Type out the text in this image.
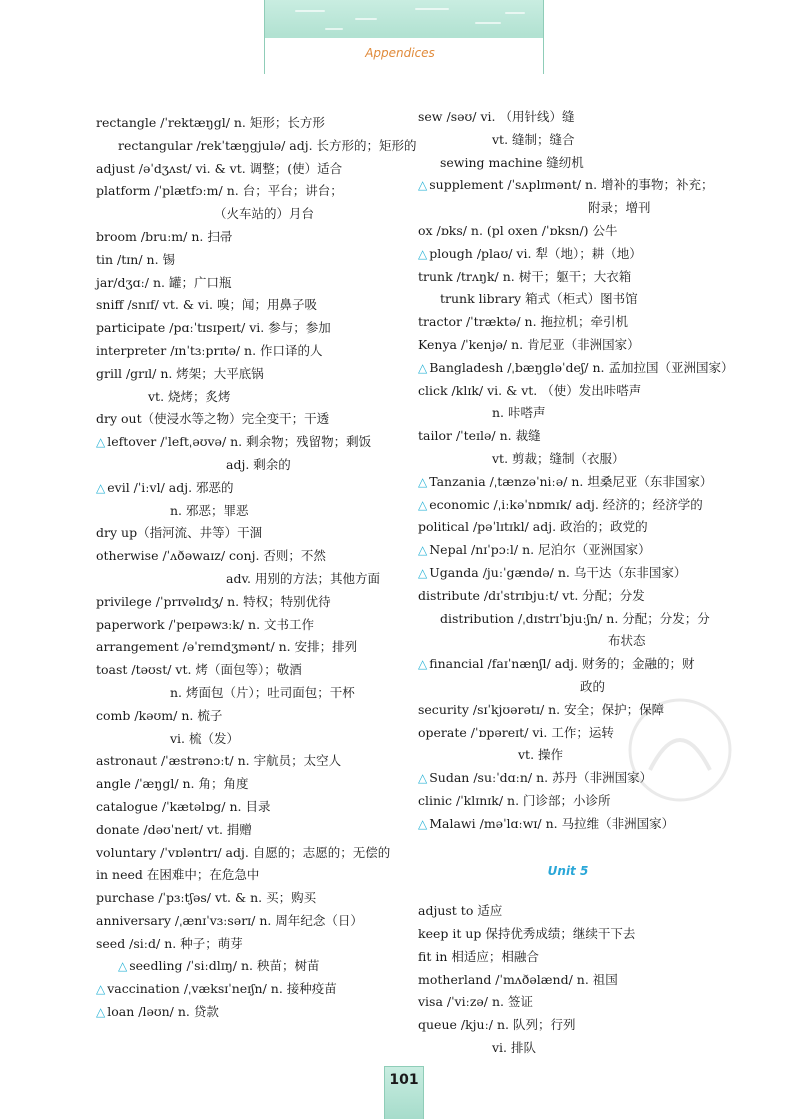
Appendices
rectangle /ˈrektæŋgl/ n. 矩形；长方形
rectangular /rekˈtæŋgjulə/ adj. 长方形的；矩形的
adjust /əˈdʒʌst/ vi. & vt. 调整；(使）适合
platform /ˈplætfɔːm/ n. 台；平台；讲台；
（火车站的）月台
broom /bruːm/ n. 扫帚
tin /tɪn/ n. 锡
jar/dʒɑː/ n. 罐；广口瓶
sniff /snɪf/ vt. & vi. 嗅；闻；用鼻子吸
participate /pɑːˈtɪsɪpeɪt/ vi. 参与；参加
interpreter /ɪnˈtɜːprɪtə/ n. 作口译的人
grill /grɪl/ n. 烤架；大平底锅
vt. 烧烤；炙烤
dry out（使浸水等之物）完全变干；干透
△ leftover /ˈleftˌəʊvə/ n. 剩余物；残留物；剩饭
adj. 剩余的
△ evil /ˈiːvl/ adj. 邪恶的
n. 邪恶；罪恶
dry up（指河流、井等）干涸
otherwise /ˈʌðəwaɪz/ conj. 否则；不然
adv. 用别的方法；其他方面
privilege /ˈprɪvəlɪdʒ/ n. 特权；特别优待
paperwork /ˈpeɪpəwɜːk/ n. 文书工作
arrangement /əˈreɪndʒmənt/ n. 安排；排列
toast /təʊst/ vt. 烤（面包等）；敬酒
n. 烤面包（片）；吐司面包；干杯
comb /kəʊm/ n. 梳子
vi. 梳（发）
astronaut /ˈæstrənɔːt/ n. 宇航员；太空人
angle /ˈæŋgl/ n. 角；角度
catalogue /ˈkætəlɒg/ n. 目录
donate /dəʊˈneɪt/ vt. 捐赠
voluntary /ˈvɒləntrɪ/ adj. 自愿的；志愿的；无偿的
in need 在困难中；在危急中
purchase /ˈpɜːtʃəs/ vt. & n. 买；购买
anniversary /ˌænɪˈvɜːsərɪ/ n. 周年纪念（日）
seed /siːd/ n. 种子；萌芽
△ seedling /ˈsiːdlɪŋ/ n. 秧苗；树苗
△ vaccination /ˌvæksɪˈneɪʃn/ n. 接种疫苗
△ loan /ləʊn/ n. 贷款
sew /səʊ/ vi. （用针线）缝
vt. 缝制；缝合
sewing machine 缝纫机
△ supplement /ˈsʌplɪmənt/ n. 增补的事物；补充；
附录；增刊
ox /ɒks/ n. (pl oxen /ˈɒksn/) 公牛
△ plough /plaʊ/ vi. 犁（地）；耕（地）
trunk /trʌŋk/ n. 树干；躯干；大衣箱
trunk library 箱式（柜式）图书馆
tractor /ˈtræktə/ n. 拖拉机；牵引机
Kenya /ˈkenjə/ n. 肯尼亚（非洲国家）
△ Bangladesh /ˌbæŋgləˈdeʃ/ n. 孟加拉国（亚洲国家）
click /klɪk/ vi. & vt. （使）发出咔嗒声
n. 咔嗒声
tailor /ˈteɪlə/ n. 裁缝
vt. 剪裁；缝制（衣服）
△ Tanzania /ˌtænzəˈniːə/ n. 坦桑尼亚（东非国家）
△ economic /ˌiːkəˈnɒmɪk/ adj. 经济的；经济学的
political /pəˈlɪtɪkl/ adj. 政治的；政党的
△ Nepal /nɪˈpɔːl/ n. 尼泊尔（亚洲国家）
△ Uganda /juːˈgændə/ n. 乌干达（东非国家）
distribute /dɪˈstrɪbjuːt/ vt. 分配；分发
distribution /ˌdɪstrɪˈbjuːʃn/ n. 分配；分发；分
布状态
△ financial /faɪˈnænʃl/ adj. 财务的；金融的；财
政的
security /sɪˈkjʊərətɪ/ n. 安全；保护；保障
operate /ˈɒpəreɪt/ vi. 工作；运转
vt. 操作
△ Sudan /suːˈdɑːn/ n. 苏丹（非洲国家）
clinic /ˈklɪnɪk/ n. 门诊部；小诊所
△ Malawi /məˈlɑːwɪ/ n. 马拉维（非洲国家）
Unit 5
adjust to 适应
keep it up 保持优秀成绩；继续干下去
fit in 相适应；相融合
motherland /ˈmʌðəlænd/ n. 祖国
visa /ˈviːzə/ n. 签证
queue /kjuː/ n. 队列；行列
vi. 排队
101
